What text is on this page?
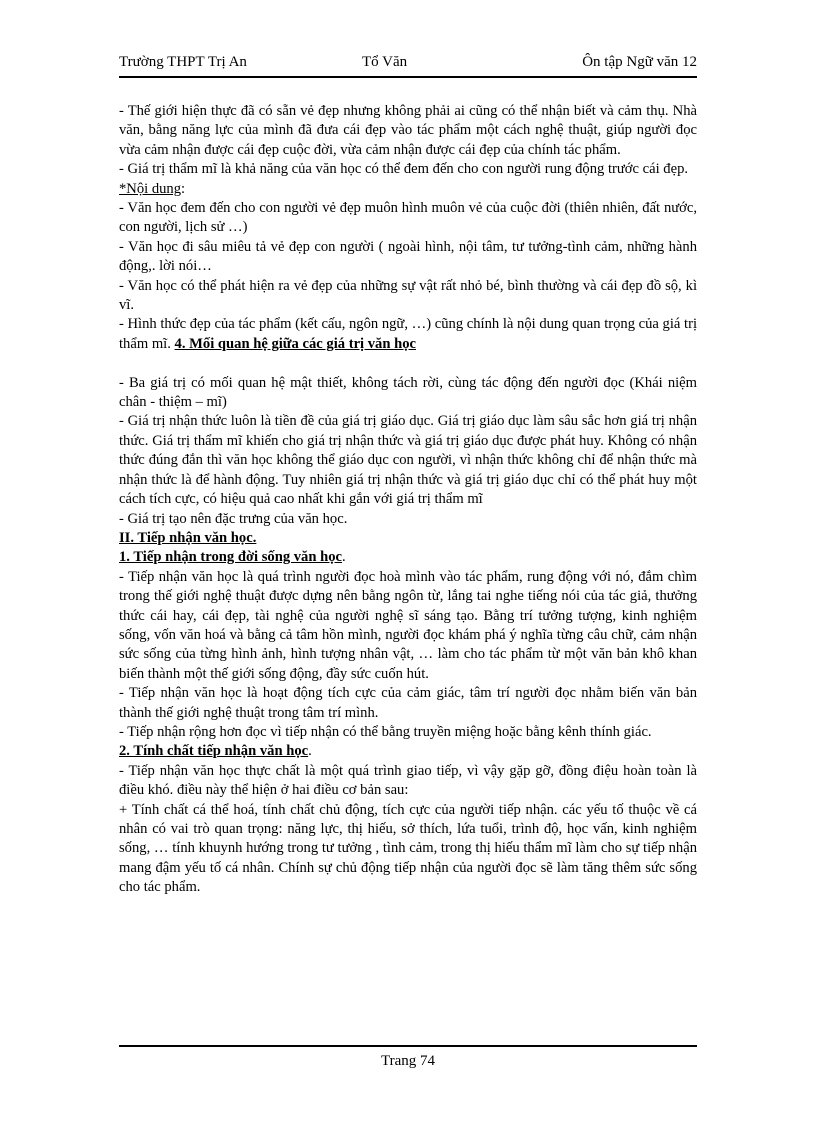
Trường THPT Trị An	Tổ Văn	Ôn tập Ngữ văn 12

- Thế giới hiện thực đã có sẵn vẻ đẹp nhưng không phải ai cũng có thể nhận biết và cảm thụ. Nhà văn, bằng năng lực của mình đã đưa cái đẹp vào tác phẩm một cách nghệ thuật, giúp người đọc vừa cảm nhận được cái đẹp cuộc đời, vừa cảm nhận được cái đẹp của chính tác phẩm.

- Giá trị thẩm mĩ là khả năng của văn học có thể đem đến cho con người rung động trước cái đẹp.

*Nội dung:

- Văn học đem đến cho con người vẻ đẹp muôn hình muôn vẻ của cuộc đời (thiên nhiên, đất nước, con người, lịch sử …)

- Văn học đi sâu miêu tả vẻ đẹp con người ( ngoài hình, nội tâm, tư tưởng-tình cảm, những hành động,. lời nói…

- Văn học có thể phát hiện ra vẻ đẹp của những sự vật rất nhỏ bé, bình thường và cái đẹp đồ sộ, kì vĩ.

- Hình thức đẹp của tác phẩm (kết cấu, ngôn ngữ, …) cũng chính là nội dung quan trọng của giá trị thẩm mĩ. 4. Mối quan hệ giữa các giá trị văn học

- Ba giá trị có mối quan hệ mật thiết, không tách rời, cùng tác động đến người đọc (Khái niệm chân - thiệm – mĩ)

- Giá trị nhận thức luôn là tiền đề của giá trị giáo dục. Giá trị giáo dục làm sâu sắc hơn giá trị nhận thức. Giá trị thẩm mĩ khiến cho giá trị nhận thức và giá trị giáo dục được phát huy. Không có nhận thức đúng đắn thì văn học không thể giáo dục con người, vì nhận thức không chỉ để nhận thức mà nhận thức là để hành động. Tuy nhiên giá trị nhận thức và giá trị giáo dục chỉ có thể phát huy một cách tích cực, có hiệu quả cao nhất khi gắn với giá trị thẩm mĩ

- Giá trị tạo nên đặc trưng của văn học.

II. Tiếp nhận văn học.

1. Tiếp nhận trong đời sống văn học.

- Tiếp nhận văn học là quá trình người đọc hoà mình vào tác phẩm, rung động với nó, đắm chìm trong thế giới nghệ thuật được dựng nên bằng ngôn từ, lắng tai nghe tiếng nói của tác giả, thưởng thức cái hay, cái đẹp, tài nghệ của người nghệ sĩ sáng tạo. Bằng trí tưởng tượng, kinh nghiệm sống, vốn văn hoá và bằng cả tâm hồn mình, người đọc khám phá ý nghĩa từng câu chữ, cảm nhận sức sống của từng hình ảnh, hình tượng nhân vật, … làm cho tác phẩm từ một văn bản khô khan biến thành một thế giới sống động, đầy sức cuốn hút.

- Tiếp nhận văn học là hoạt động tích cực của cảm giác, tâm trí người đọc nhằm biến văn bản thành thế giới nghệ thuật trong tâm trí mình.

- Tiếp nhận rộng hơn đọc vì tiếp nhận có thể bằng truyền miệng hoặc bằng kênh thính giác.

2. Tính chất tiếp nhận văn học.

- Tiếp nhận văn học thực chất là một quá trình giao tiếp, vì vậy gặp gỡ, đồng điệu hoàn toàn là điều khó. điều này thể hiện ở hai điều cơ bản sau:

+ Tính chất cá thể hoá, tính chất chủ động, tích cực của người tiếp nhận. các yếu tố thuộc về cá nhân có vai trò quan trọng: năng lực, thị hiếu, sở thích, lứa tuổi, trình độ, học vấn, kinh nghiệm sống, … tính khuynh hướng trong tư tưởng , tình cảm, trong thị hiếu thẩm mĩ làm cho sự tiếp nhận mang đậm yếu tố cá nhân. Chính sự chủ động tiếp nhận của người đọc sẽ làm tăng thêm sức sống cho tác phẩm.

Trang 74
